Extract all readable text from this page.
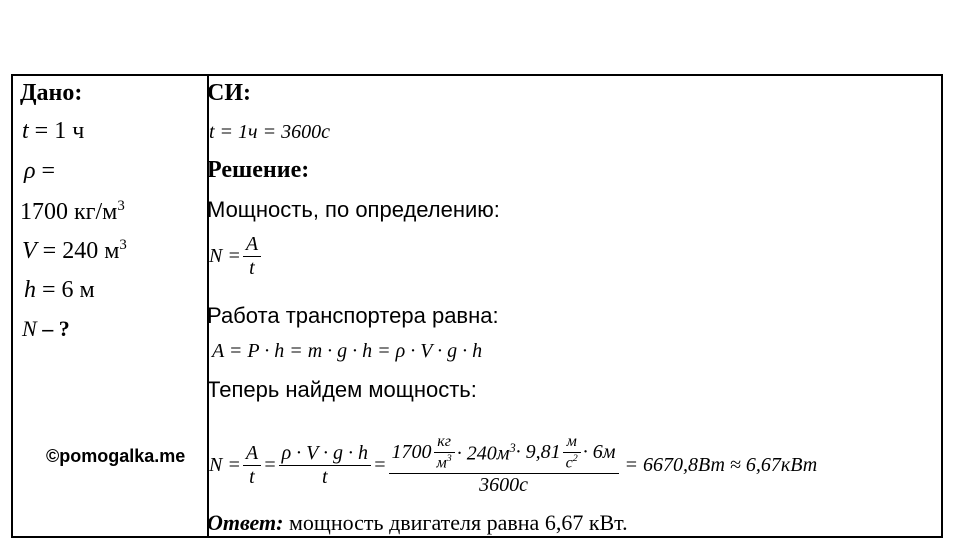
Дано:
t = 1 ч
ρ =
1700 $кг/м^3$
V = 240 $м^3$
h = 6 м
N – ?
©pomogalka.me
СИ:
t = 1ч = 3600с
Решение:
Мощность, по определению:
$N = \frac{A}{t}$
Работа транспортера равна:
A = P · h = m · g · h = ρ · V · g · h
Теперь найдем мощность:
$N = \frac{A}{t} = \frac{\rho \cdot V \cdot g \cdot h}{t}$ =
$1700 \frac{кг}{м^3} \cdot 240м^3 \cdot 9,81 \frac{м}{с^2} \cdot 6м$
3600с
= 6670,8Вт ≈ 6,67кВт
Ответ: мощность двигателя равна 6,67 кВт.
